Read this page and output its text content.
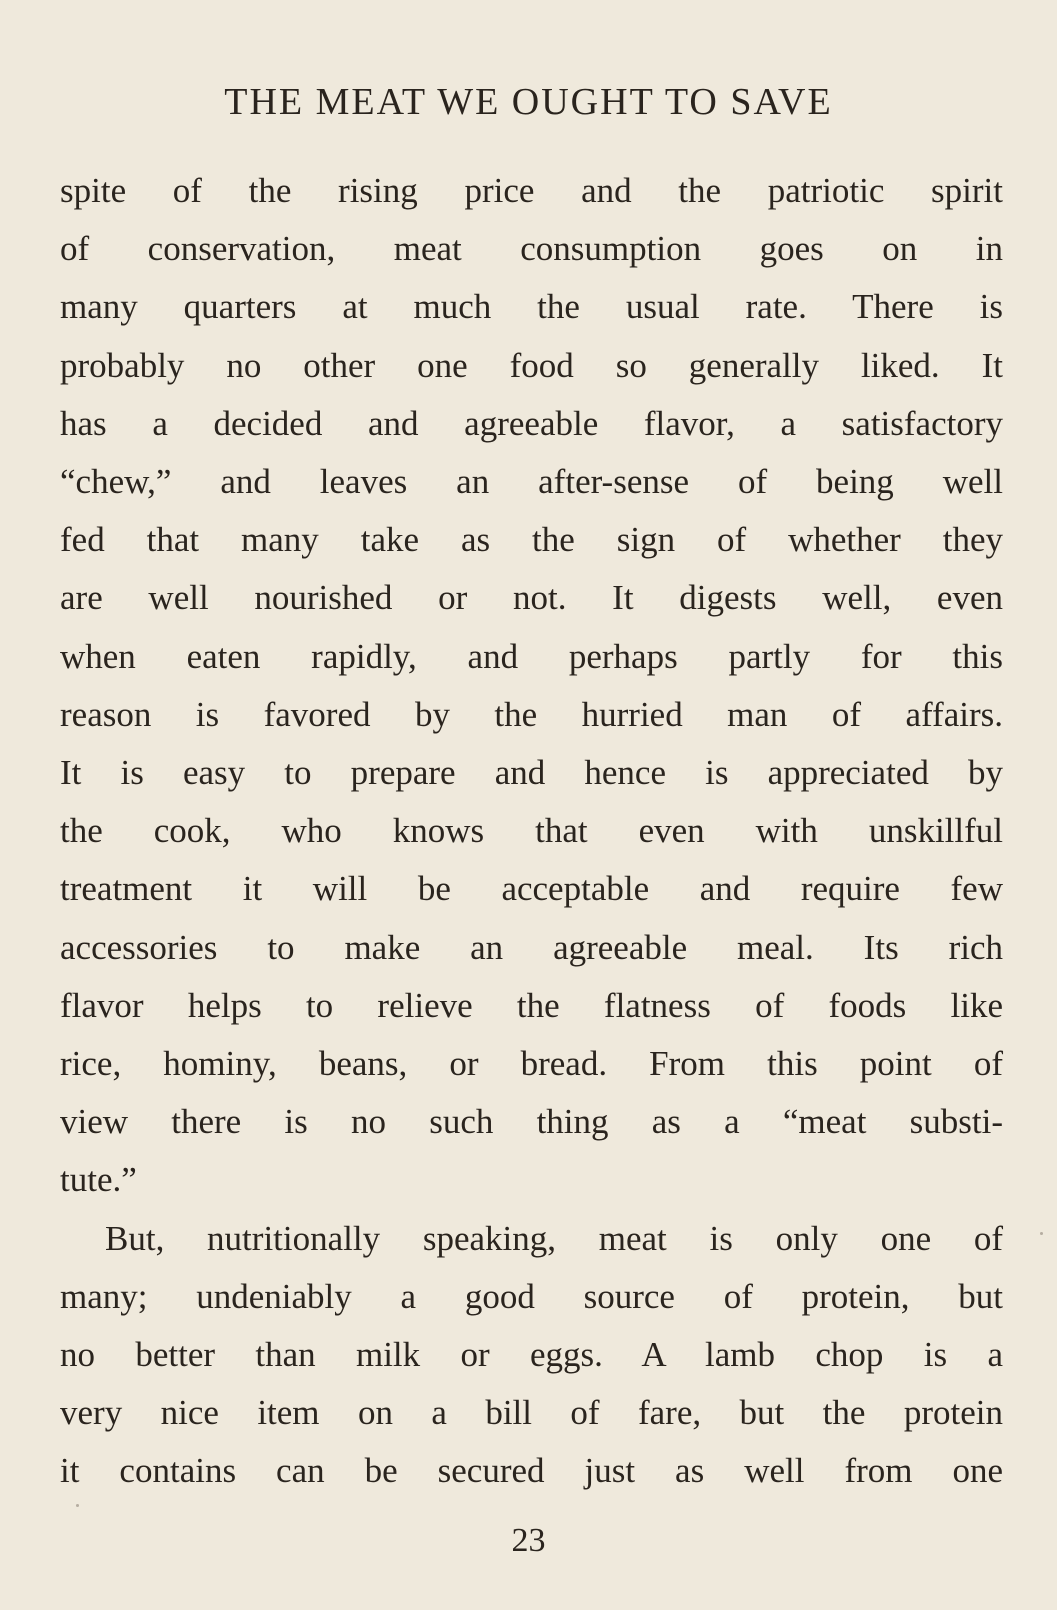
THE MEAT WE OUGHT TO SAVE
spite of the rising price and the patriotic spirit
of conservation, meat consumption goes on in
many quarters at much the usual rate. There is
probably no other one food so generally liked. It
has a decided and agreeable flavor, a satisfactory
“chew,” and leaves an after-sense of being well
fed that many take as the sign of whether they
are well nourished or not. It digests well, even
when eaten rapidly, and perhaps partly for this
reason is favored by the hurried man of affairs.
It is easy to prepare and hence is appreciated by
the cook, who knows that even with unskillful
treatment it will be acceptable and require few
accessories to make an agreeable meal. Its rich
flavor helps to relieve the flatness of foods like
rice, hominy, beans, or bread. From this point of
view there is no such thing as a “meat substi-
tute.”
But, nutritionally speaking, meat is only one of
many; undeniably a good source of protein, but
no better than milk or eggs. A lamb chop is a
very nice item on a bill of fare, but the protein
it contains can be secured just as well from one
23
